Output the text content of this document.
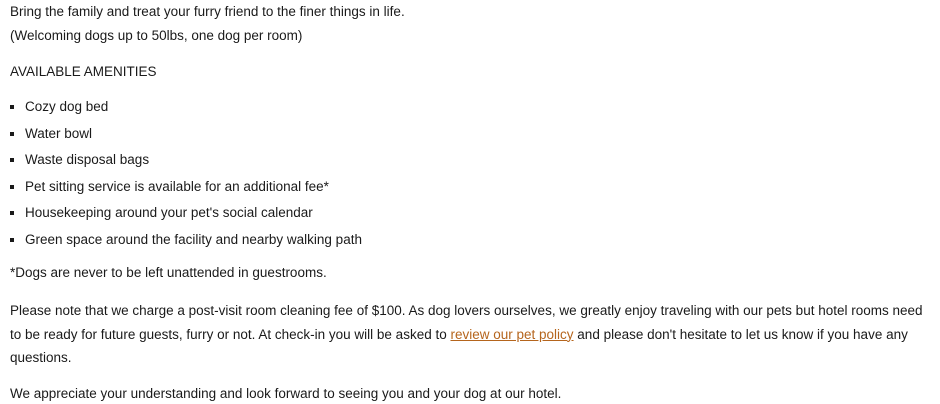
Bring the family and treat your furry friend to the finer things in life.
(Welcoming dogs up to 50lbs, one dog per room)
AVAILABLE AMENITIES
Cozy dog bed
Water bowl
Waste disposal bags
Pet sitting service is available for an additional fee*
Housekeeping around your pet's social calendar
Green space around the facility and nearby walking path
*Dogs are never to be left unattended in guestrooms.

Please note that we charge a post-visit room cleaning fee of $100. As dog lovers ourselves, we greatly enjoy traveling with our pets but hotel rooms need to be ready for future guests, furry or not. At check-in you will be asked to review our pet policy and please don't hesitate to let us know if you have any questions.

We appreciate your understanding and look forward to seeing you and your dog at our hotel.
